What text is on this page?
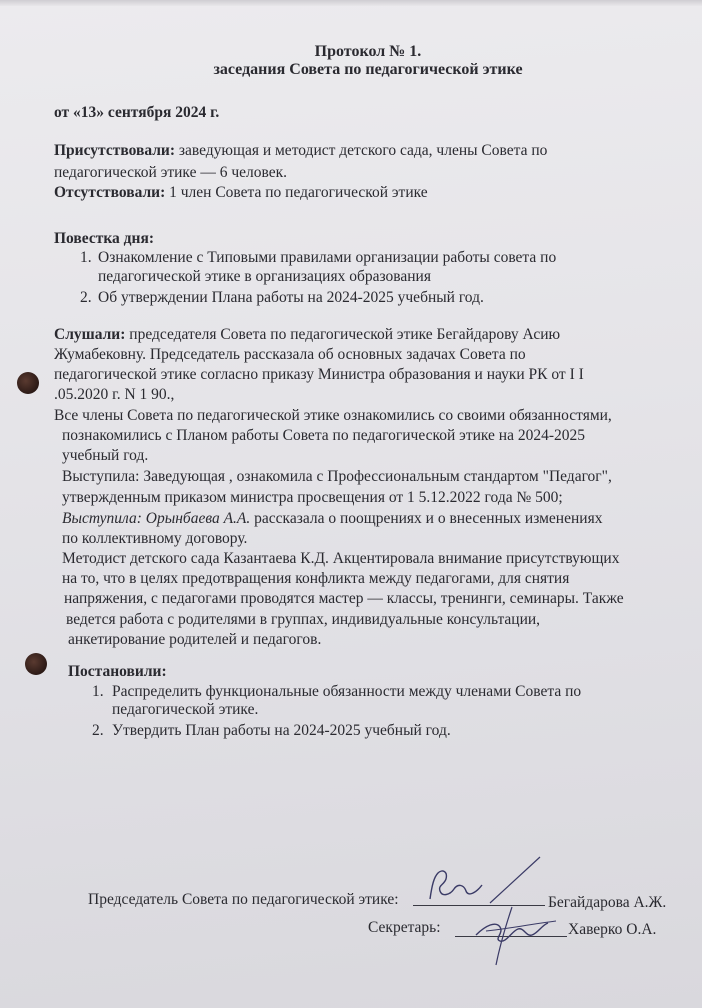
Протокол № 1.
заседания Совета по педагогической этике
от «13» сентября 2024 г.
Присутствовали: заведующая и методист детского сада, члены Совета по
педагогической этике — 6 человек.
Отсутствовали: 1 член Совета по педагогической этике
Повестка дня:
1. Ознакомление с Типовыми правилами организации работы совета по
педагогической этике в организациях образования
2. Об утверждении Плана работы на 2024-2025 учебный год.
Слушали: председателя Совета по педагогической этике Бегайдарову Асию
Жумабековну. Председатель рассказала об основных задачах Совета по
педагогической этике согласно приказу Министра образования и науки РК от I I
.05.2020 г. N 1 90.,
Все члены Совета по педагогической этике ознакомились со своими обязанностями,
познакомились с Планом работы Совета по педагогической этике на 2024-2025
учебный год.
Выступила: Заведующая , ознакомила с Профессиональным стандартом "Педагог",
утвержденным приказом министра просвещения от 1 5.12.2022 года № 500;
Выступила: Орынбаева А.А. рассказала о поощрениях и о внесенных изменениях
по коллективному договору.
Методист детского сада Казантаева К.Д. Акцентировала внимание присутствующих
на то, что в целях предотвращения конфликта между педагогами, для снятия
напряжения, с педагогами проводятся мастер — классы, тренинги, семинары. Также
ведется работа с родителями в группах, индивидуальные консультации,
анкетирование родителей и педагогов.
Постановили:
1. Распределить функциональные обязанности между членами Совета по
педагогической этике.
2. Утвердить План работы на 2024-2025 учебный год.
Председатель Совета по педагогической этике:	Бегайдарова А.Ж.
Секретарь:	Хаверко О.А.
